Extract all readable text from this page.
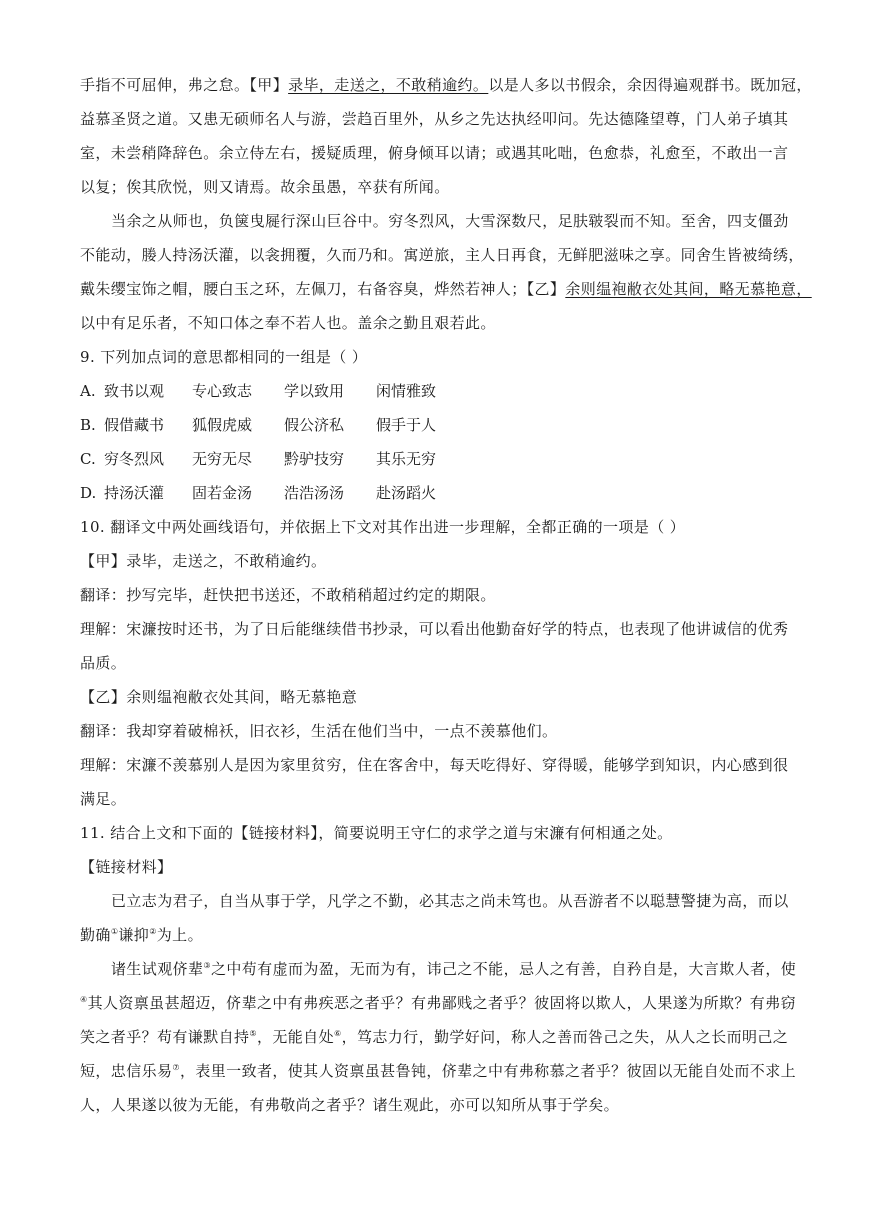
手指不可屈伸，弗之怠。【甲】录毕，走送之，不敢稍逾约。以是人多以书假余，余因得遍观群书。既加冠，
益慕圣贤之道。又患无硕师名人与游，尝趋百里外，从乡之先达执经叩问。先达德隆望尊，门人弟子填其
室，未尝稍降辞色。余立侍左右，援疑质理，俯身倾耳以请；或遇其叱咄，色愈恭，礼愈至，不敢出一言
以复；俟其欣悦，则又请焉。故余虽愚，卒获有所闻。
当余之从师也，负箧曳屣行深山巨谷中。穷冬烈风，大雪深数尺，足肤皲裂而不知。至舍，四支僵劲
不能动，媵人持汤沃灌，以衾拥覆，久而乃和。寓逆旅，主人日再食，无鲜肥滋味之享。同舍生皆被绮绣，
戴朱缨宝饰之帽，腰白玉之环，左佩刀，右备容臭，烨然若神人；【乙】余则缊袍敝衣处其间，略无慕艳意，
以中有足乐者，不知口体之奉不若人也。盖余之勤且艰若此。
9. 下列加点词的意思都相同的一组是（ ）
A. 致书以观	专心致志	学以致用	闲情雅致
B. 假借藏书	狐假虎威	假公济私	假手于人
C. 穷冬烈风	无穷无尽	黔驴技穷	其乐无穷
D. 持汤沃灌	固若金汤	浩浩汤汤	赴汤蹈火
10. 翻译文中两处画线语句，并依据上下文对其作出进一步理解，全都正确的一项是（ ）
【甲】录毕，走送之，不敢稍逾约。
翻译：抄写完毕，赶快把书送还，不敢稍稍超过约定的期限。
理解：宋濂按时还书，为了日后能继续借书抄录，可以看出他勤奋好学的特点，也表现了他讲诚信的优秀
品质。
【乙】余则缊袍敝衣处其间，略无慕艳意
翻译：我却穿着破棉袄，旧衣衫，生活在他们当中，一点不羡慕他们。
理解：宋濂不羡慕别人是因为家里贫穷，住在客舍中，每天吃得好、穿得暖，能够学到知识，内心感到很
满足。
11. 结合上文和下面的【链接材料】，简要说明王守仁的求学之道与宋濂有何相通之处。
【链接材料】
已立志为君子，自当从事于学，凡学之不勤，必其志之尚未笃也。从吾游者不以聪慧警捷为高，而以
勤确①谦抑②为上。
诸生试观侪辈③之中苟有虚而为盈，无而为有，讳己之不能，忌人之有善，自矜自是，大言欺人者，使
④其人资禀虽甚超迈，侪辈之中有弗疾恶之者乎？有弗鄙贱之者乎？彼固将以欺人，人果遂为所欺？有弗窃
笑之者乎？苟有谦默自持⑤，无能自处⑥，笃志力行，勤学好问，称人之善而咎己之失，从人之长而明己之
短，忠信乐易⑦，表里一致者，使其人资禀虽甚鲁钝，侪辈之中有弗称慕之者乎？彼固以无能自处而不求上
人，人果遂以彼为无能，有弗敬尚之者乎？诸生观此，亦可以知所从事于学矣。
